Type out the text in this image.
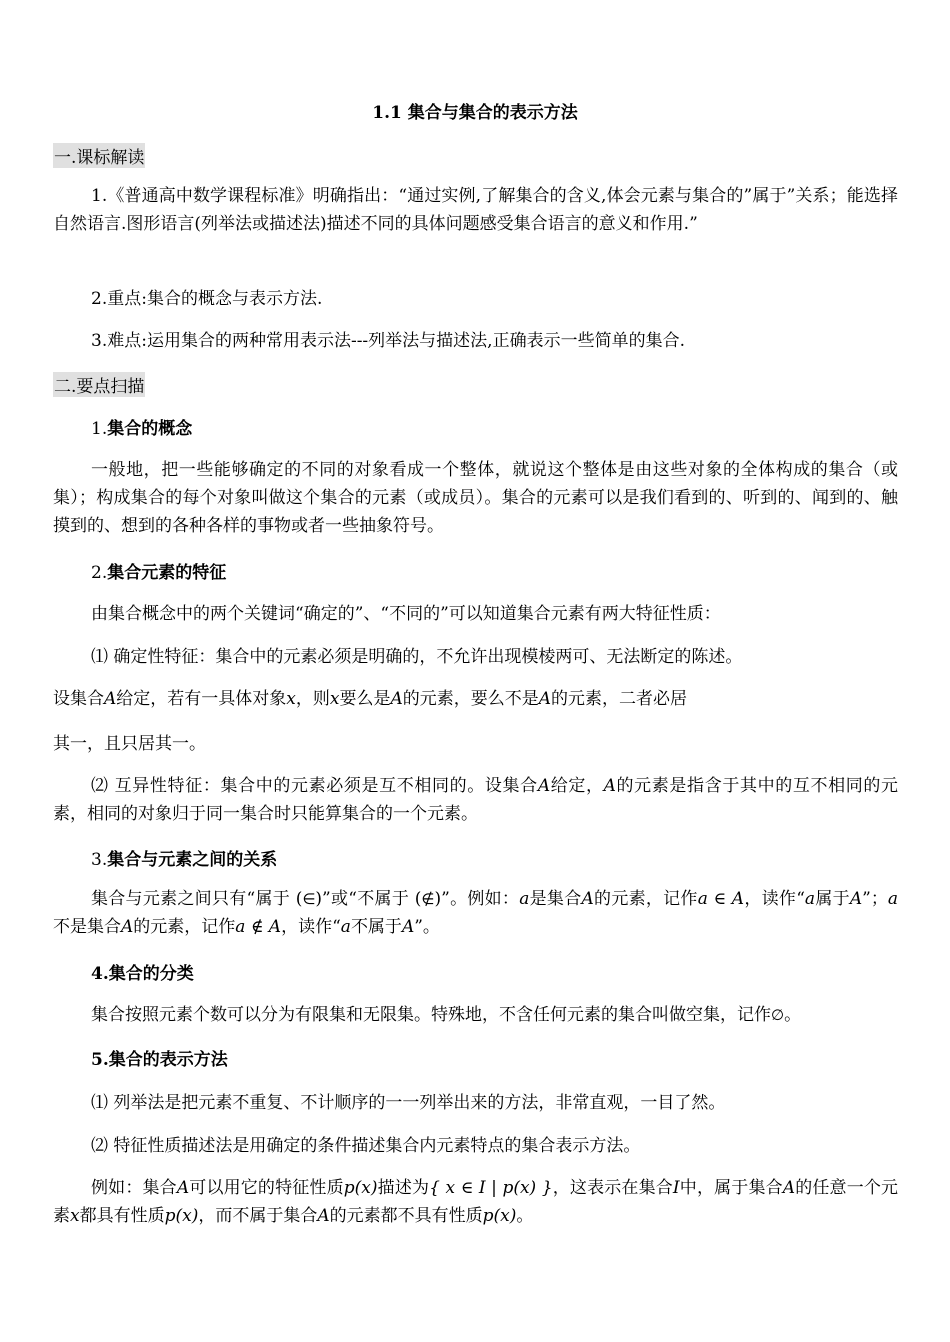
1.1 集合与集合的表示方法
一.课标解读
1.《普通高中数学课程标准》明确指出：“通过实例,了解集合的含义,体会元素与集合的”属于”关系；能选择自然语言.图形语言(列举法或描述法)描述不同的具体问题感受集合语言的意义和作用.”
2.重点:集合的概念与表示方法.
3.难点:运用集合的两种常用表示法---列举法与描述法,正确表示一些简单的集合.
二.要点扫描
1.集合的概念
一般地，把一些能够确定的不同的对象看成一个整体，就说这个整体是由这些对象的全体构成的集合（或集）；构成集合的每个对象叫做这个集合的元素（或成员）。集合的元素可以是我们看到的、听到的、闻到的、触摸到的、想到的各种各样的事物或者一些抽象符号。
2.集合元素的特征
由集合概念中的两个关键词“确定的”、“不同的”可以知道集合元素有两大特征性质：
⑴ 确定性特征：集合中的元素必须是明确的，不允许出现模棱两可、无法断定的陈述。
设集合A给定，若有一具体对象x，则x要么是A的元素，要么不是A的元素，二者必居
其一，且只居其一。
⑵ 互异性特征：集合中的元素必须是互不相同的。设集合A给定，A的元素是指含于其中的互不相同的元素，相同的对象归于同一集合时只能算集合的一个元素。
3.集合与元素之间的关系
集合与元素之间只有“属于 (∈)”或“不属于 (∉)”。例如：a是集合A的元素，记作a ∈ A，读作“a属于A”；a不是集合A的元素，记作a ∉ A，读作“a不属于A”。
4.集合的分类
集合按照元素个数可以分为有限集和无限集。特殊地，不含任何元素的集合叫做空集，记作∅。
5.集合的表示方法
⑴ 列举法是把元素不重复、不计顺序的一一列举出来的方法，非常直观，一目了然。
⑵ 特征性质描述法是用确定的条件描述集合内元素特点的集合表示方法。
例如：集合A可以用它的特征性质p(x)描述为{ x ∈ I | p(x) }，这表示在集合I中，属于集合A的任意一个元素x都具有性质p(x)，而不属于集合A的元素都不具有性质p(x)。
